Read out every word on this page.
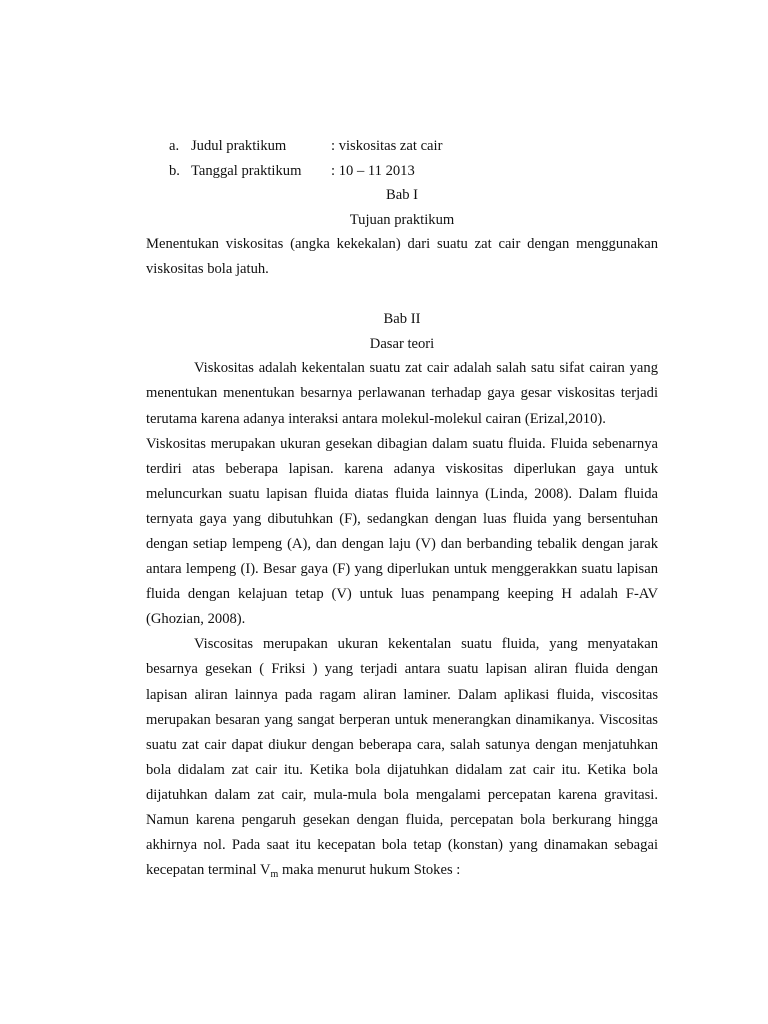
a. Judul praktikum	: viskositas zat cair
b. Tanggal praktikum	: 10 – 11 2013
Bab I
Tujuan praktikum

Menentukan viskositas (angka kekekalan) dari suatu zat cair dengan menggunakan viskositas bola jatuh.

Bab II
Dasar teori

Viskositas adalah kekentalan suatu zat cair adalah salah satu sifat cairan yang menentukan menentukan besarnya perlawanan terhadap gaya gesar viskositas terjadi terutama karena adanya interaksi antara molekul-molekul cairan (Erizal,2010).

Viskositas merupakan ukuran gesekan dibagian dalam suatu fluida. Fluida sebenarnya terdiri atas beberapa lapisan. karena adanya viskositas diperlukan gaya untuk meluncurkan suatu lapisan fluida diatas fluida lainnya (Linda, 2008). Dalam fluida ternyata gaya yang dibutuhkan (F), sedangkan dengan luas fluida yang bersentuhan dengan setiap lempeng (A), dan dengan laju (V) dan berbanding tebalik dengan jarak antara lempeng (I). Besar gaya (F) yang diperlukan untuk menggerakkan suatu lapisan fluida dengan kelajuan tetap (V) untuk luas penampang keeping H adalah F-AV (Ghozian, 2008).

Viscositas merupakan ukuran kekentalan suatu fluida, yang menyatakan besarnya gesekan ( Friksi ) yang terjadi antara suatu lapisan aliran fluida dengan lapisan aliran lainnya pada ragam aliran laminer. Dalam aplikasi fluida, viscositas merupakan besaran yang sangat berperan untuk menerangkan dinamikanya. Viscositas suatu zat cair dapat diukur dengan beberapa cara, salah satunya dengan menjatuhkan bola didalam zat cair itu. Ketika bola dijatuhkan didalam zat cair itu. Ketika bola dijatuhkan dalam zat cair, mula-mula bola mengalami percepatan karena gravitasi. Namun karena pengaruh gesekan dengan fluida, percepatan bola berkurang hingga akhirnya nol. Pada saat itu kecepatan bola tetap (konstan) yang dinamakan sebagai kecepatan terminal $V_m$ maka menurut hukum Stokes :
